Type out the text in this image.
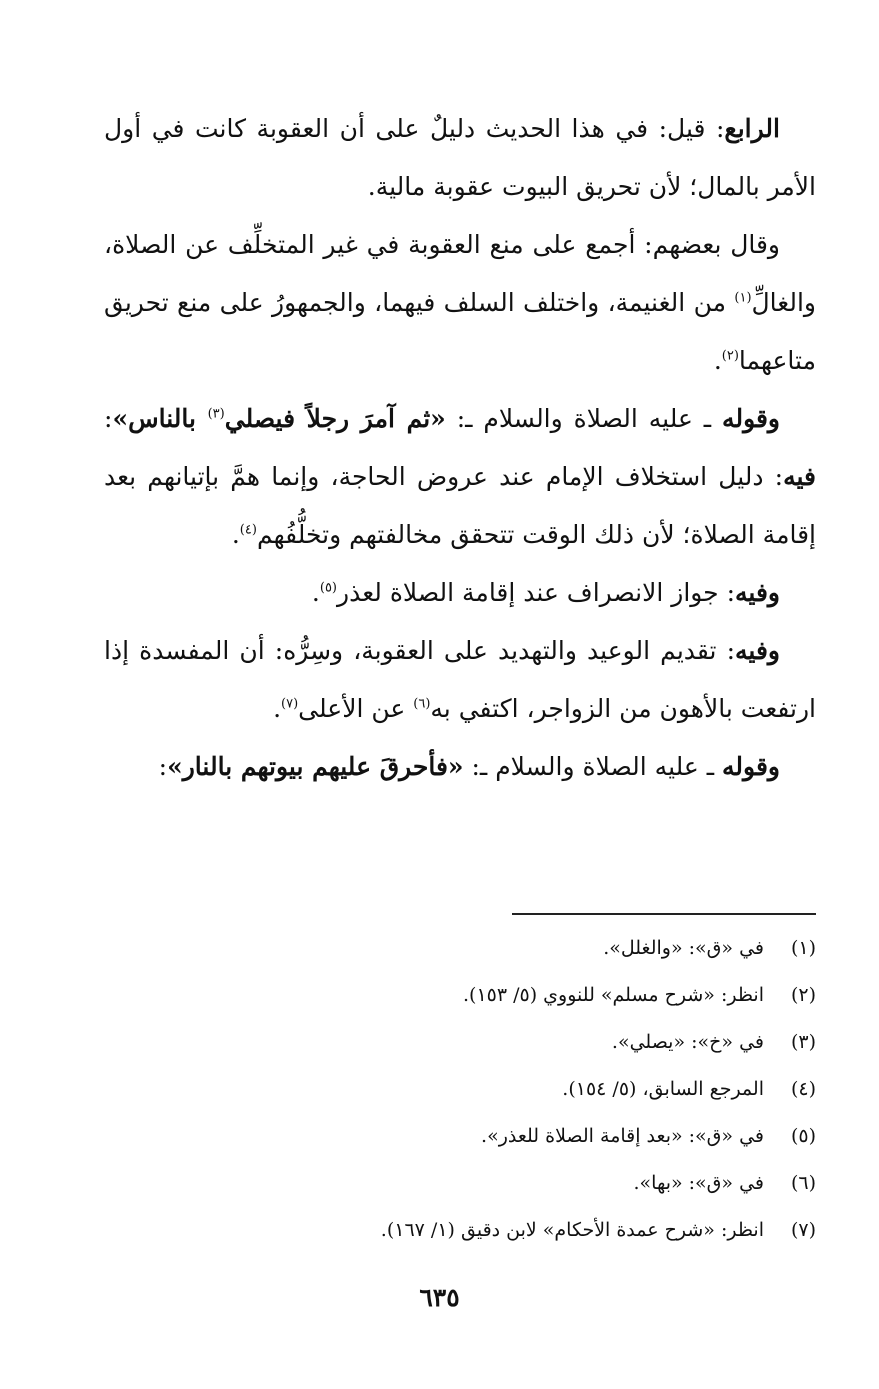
الرابع: قيل: في هذا الحديث دليلٌ على أن العقوبة كانت في أول الأمر بالمال؛ لأن تحريق البيوت عقوبة مالية.

وقال بعضهم: أجمع على منع العقوبة في غير المتخلِّف عن الصلاة، والغالِّ$^{(١)}$ من الغنيمة، واختلف السلف فيهما، والجمهورُ على منع تحريق متاعهما$^{(٢)}$.

وقوله ـ عليه الصلاة والسلام ـ: «ثم آمرَ رجلاً فيصلي$^{(٣)}$ بالناس»: فيه: دليل استخلاف الإمام عند عروض الحاجة، وإنما همَّ بإتيانهم بعد إقامة الصلاة؛ لأن ذلك الوقت تتحقق مخالفتهم وتخلُّفُهم$^{(٤)}$.

وفيه: جواز الانصراف عند إقامة الصلاة لعذر$^{(٥)}$.

وفيه: تقديم الوعيد والتهديد على العقوبة، وسِرُّه: أن المفسدة إذا ارتفعت بالأهون من الزواجر، اكتفي به$^{(٦)}$ عن الأعلى$^{(٧)}$.

وقوله ـ عليه الصلاة والسلام ـ: «فأحرقَ عليهم بيوتهم بالنار»:

(١)
في «ق»: «والغلل».
(٢)
انظر: «شرح مسلم» للنووي (٥/ ١٥٣).
(٣)
في «خ»: «يصلي».
(٤)
المرجع السابق، (٥/ ١٥٤).
(٥)
في «ق»: «بعد إقامة الصلاة للعذر».
(٦)
في «ق»: «بها».
(٧)
انظر: «شرح عمدة الأحكام» لابن دقيق (١/ ١٦٧).
٦٣٥
